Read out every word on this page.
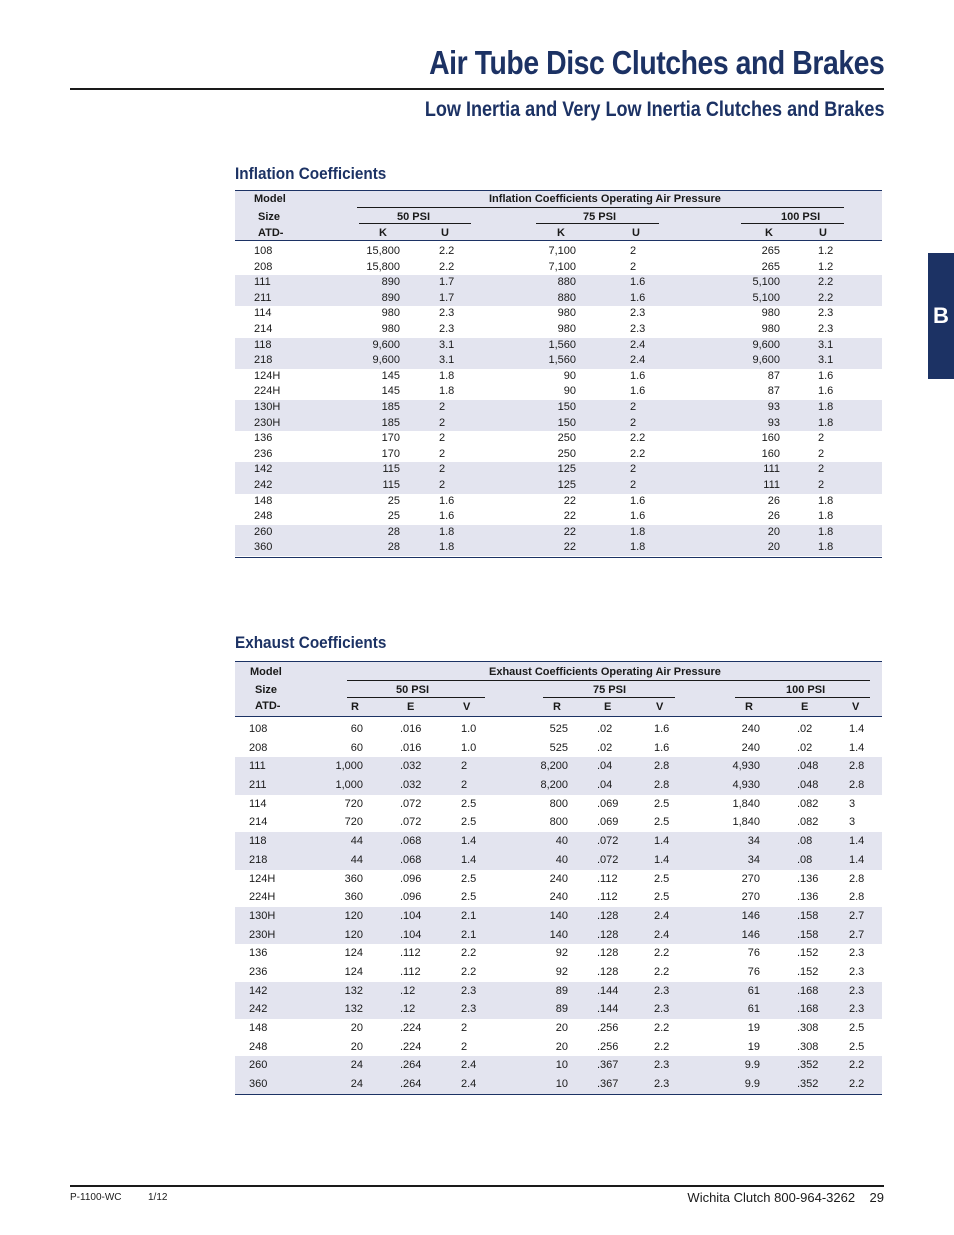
Air Tube Disc Clutches and Brakes
Low Inertia and Very Low Inertia Clutches and Brakes
B
Inflation Coefficients
Model
Size
ATD-
Inflation Coefficients Operating Air Pressure
50 PSI	75 PSI	100 PSI
K	U	K	U	K	U
108	15,800	2.2	7,100	2	265	1.2
208	15,800	2.2	7,100	2	265	1.2
111	890	1.7	880	1.6	5,100	2.2
211	890	1.7	880	1.6	5,100	2.2
114	980	2.3	980	2.3	980	2.3
214	980	2.3	980	2.3	980	2.3
118	9,600	3.1	1,560	2.4	9,600	3.1
218	9,600	3.1	1,560	2.4	9,600	3.1
124H	145	1.8	90	1.6	87	1.6
224H	145	1.8	90	1.6	87	1.6
130H	185	2	150	2	93	1.8
230H	185	2	150	2	93	1.8
136	170	2	250	2.2	160	2
236	170	2	250	2.2	160	2
142	115	2	125	2	111	2
242	115	2	125	2	111	2
148	25	1.6	22	1.6	26	1.8
248	25	1.6	22	1.6	26	1.8
260	28	1.8	22	1.8	20	1.8
360	28	1.8	22	1.8	20	1.8
Exhaust Coefficients
Model
Size
ATD-
Exhaust Coefficients Operating Air Pressure
50 PSI	75 PSI	100 PSI
R	E	V	R	E	V	R	E	V
108	60	.016	1.0	525	.02	1.6	240	.02	1.4
208	60	.016	1.0	525	.02	1.6	240	.02	1.4
111	1,000	.032	2	8,200	.04	2.8	4,930	.048	2.8
211	1,000	.032	2	8,200	.04	2.8	4,930	.048	2.8
114	720	.072	2.5	800	.069	2.5	1,840	.082	3
214	720	.072	2.5	800	.069	2.5	1,840	.082	3
118	44	.068	1.4	40	.072	1.4	34	.08	1.4
218	44	.068	1.4	40	.072	1.4	34	.08	1.4
124H	360	.096	2.5	240	.112	2.5	270	.136	2.8
224H	360	.096	2.5	240	.112	2.5	270	.136	2.8
130H	120	.104	2.1	140	.128	2.4	146	.158	2.7
230H	120	.104	2.1	140	.128	2.4	146	.158	2.7
136	124	.112	2.2	92	.128	2.2	76	.152	2.3
236	124	.112	2.2	92	.128	2.2	76	.152	2.3
142	132	.12	2.3	89	.144	2.3	61	.168	2.3
242	132	.12	2.3	89	.144	2.3	61	.168	2.3
148	20	.224	2	20	.256	2.2	19	.308	2.5
248	20	.224	2	20	.256	2.2	19	.308	2.5
260	24	.264	2.4	10	.367	2.3	9.9	.352	2.2
360	24	.264	2.4	10	.367	2.3	9.9	.352	2.2
P-1100-WC	1/12	Wichita Clutch 800-964-3262 29
